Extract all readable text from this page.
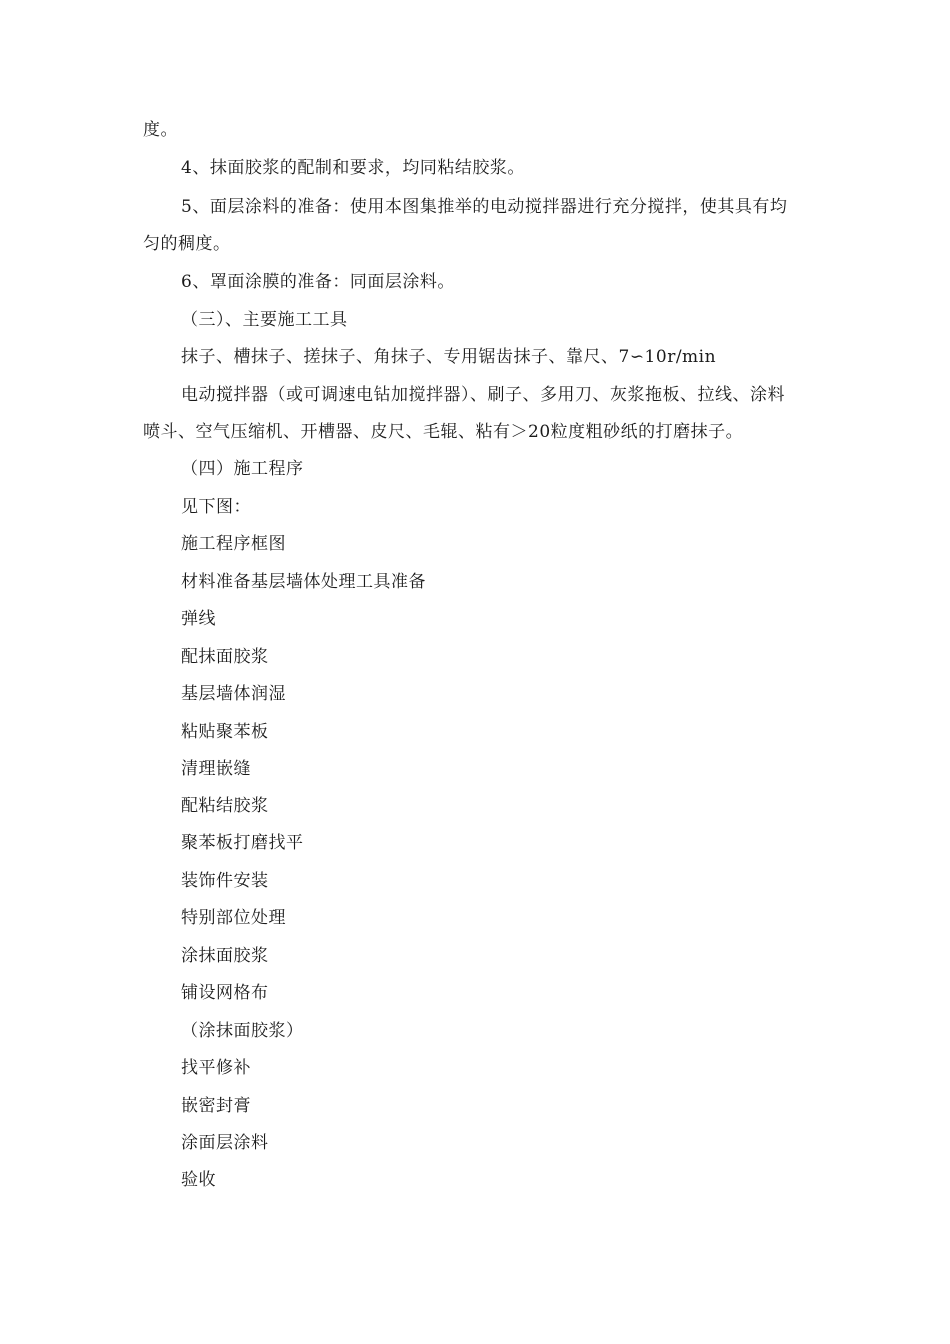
度。
4、抹面胶浆的配制和要求，均同粘结胶浆。
5、面层涂料的准备：使用本图集推举的电动搅拌器进行充分搅拌，使其具有均
匀的稠度。
6、罩面涂膜的准备：同面层涂料。
（三）、主要施工工具
抹子、槽抹子、搓抹子、角抹子、专用锯齿抹子、靠尺、7∽10r/min
电动搅拌器（或可调速电钻加搅拌器）、刷子、多用刀、灰浆拖板、拉线、涂料
喷斗、空气压缩机、开槽器、皮尺、毛辊、粘有＞20粒度粗砂纸的打磨抹子。
（四）施工程序
见下图：
施工程序框图
材料准备基层墙体处理工具准备
弹线
配抹面胶浆
基层墙体润湿
粘贴聚苯板
清理嵌缝
配粘结胶浆
聚苯板打磨找平
装饰件安装
特别部位处理
涂抹面胶浆
铺设网格布
（涂抹面胶浆）
找平修补
嵌密封膏
涂面层涂料
验收
